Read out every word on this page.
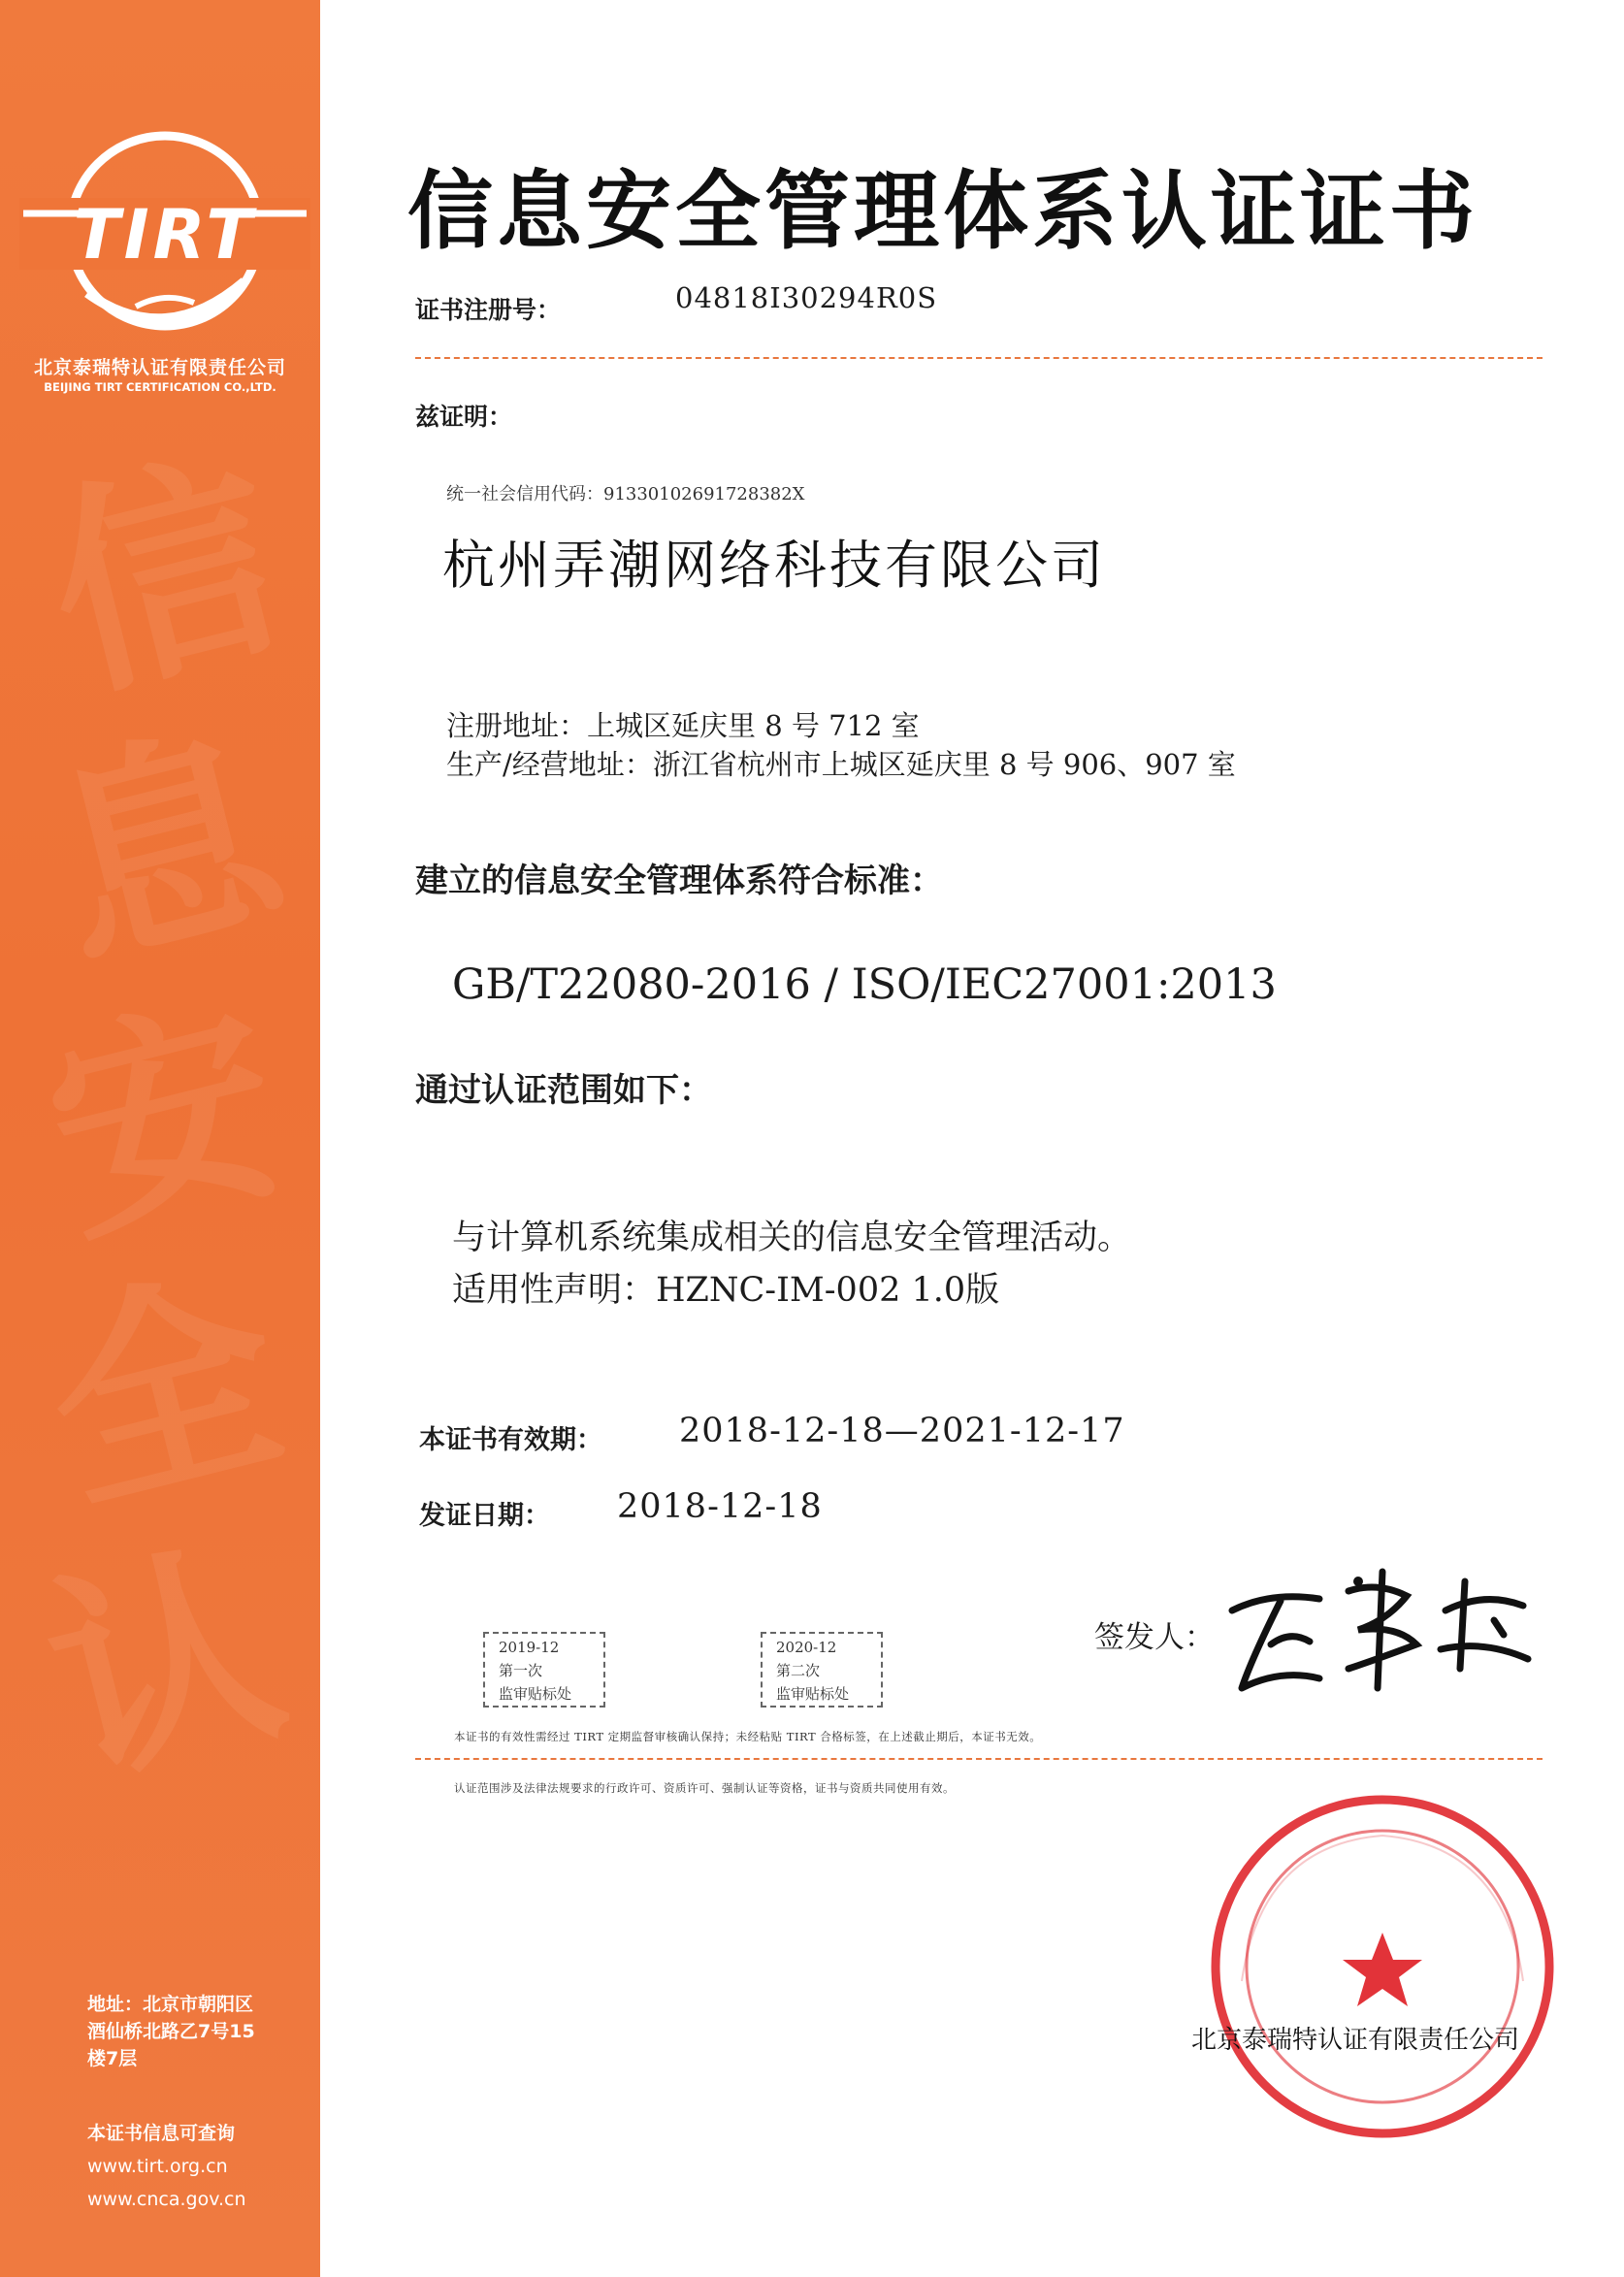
信
息
安
全
认
TIRT
北京泰瑞特认证有限责任公司
BEIJING TIRT CERTIFICATION CO.,LTD.
地址：北京市朝阳区
酒仙桥北路乙7号15
楼7层
本证书信息可查询
www.tirt.org.cn
www.cnca.gov.cn
信息安全管理体系认证证书
证书注册号：	04818I30294R0S
兹证明：
统一社会信用代码：91330102691728382X
杭州弄潮网络科技有限公司
注册地址：上城区延庆里 8 号 712 室
生产/经营地址：浙江省杭州市上城区延庆里 8 号 906、907 室
建立的信息安全管理体系符合标准：
GB/T22080-2016 / ISO/IEC27001:2013
通过认证范围如下：
与计算机系统集成相关的信息安全管理活动。
适用性声明：HZNC-IM-002 1.0版
本证书有效期： 2018-12-18—2021-12-17
发证日期： 2018-12-18
签发人：
2019-12
第一次
监审贴标处
2020-12
第二次
监审贴标处
本证书的有效性需经过 TIRT 定期监督审核确认保持；未经粘贴 TIRT 合格标签，在上述截止期后，本证书无效。
认证范围涉及法律法规要求的行政许可、资质许可、强制认证等资格，证书与资质共同使用有效。
北京泰瑞特认证有限责任公司
